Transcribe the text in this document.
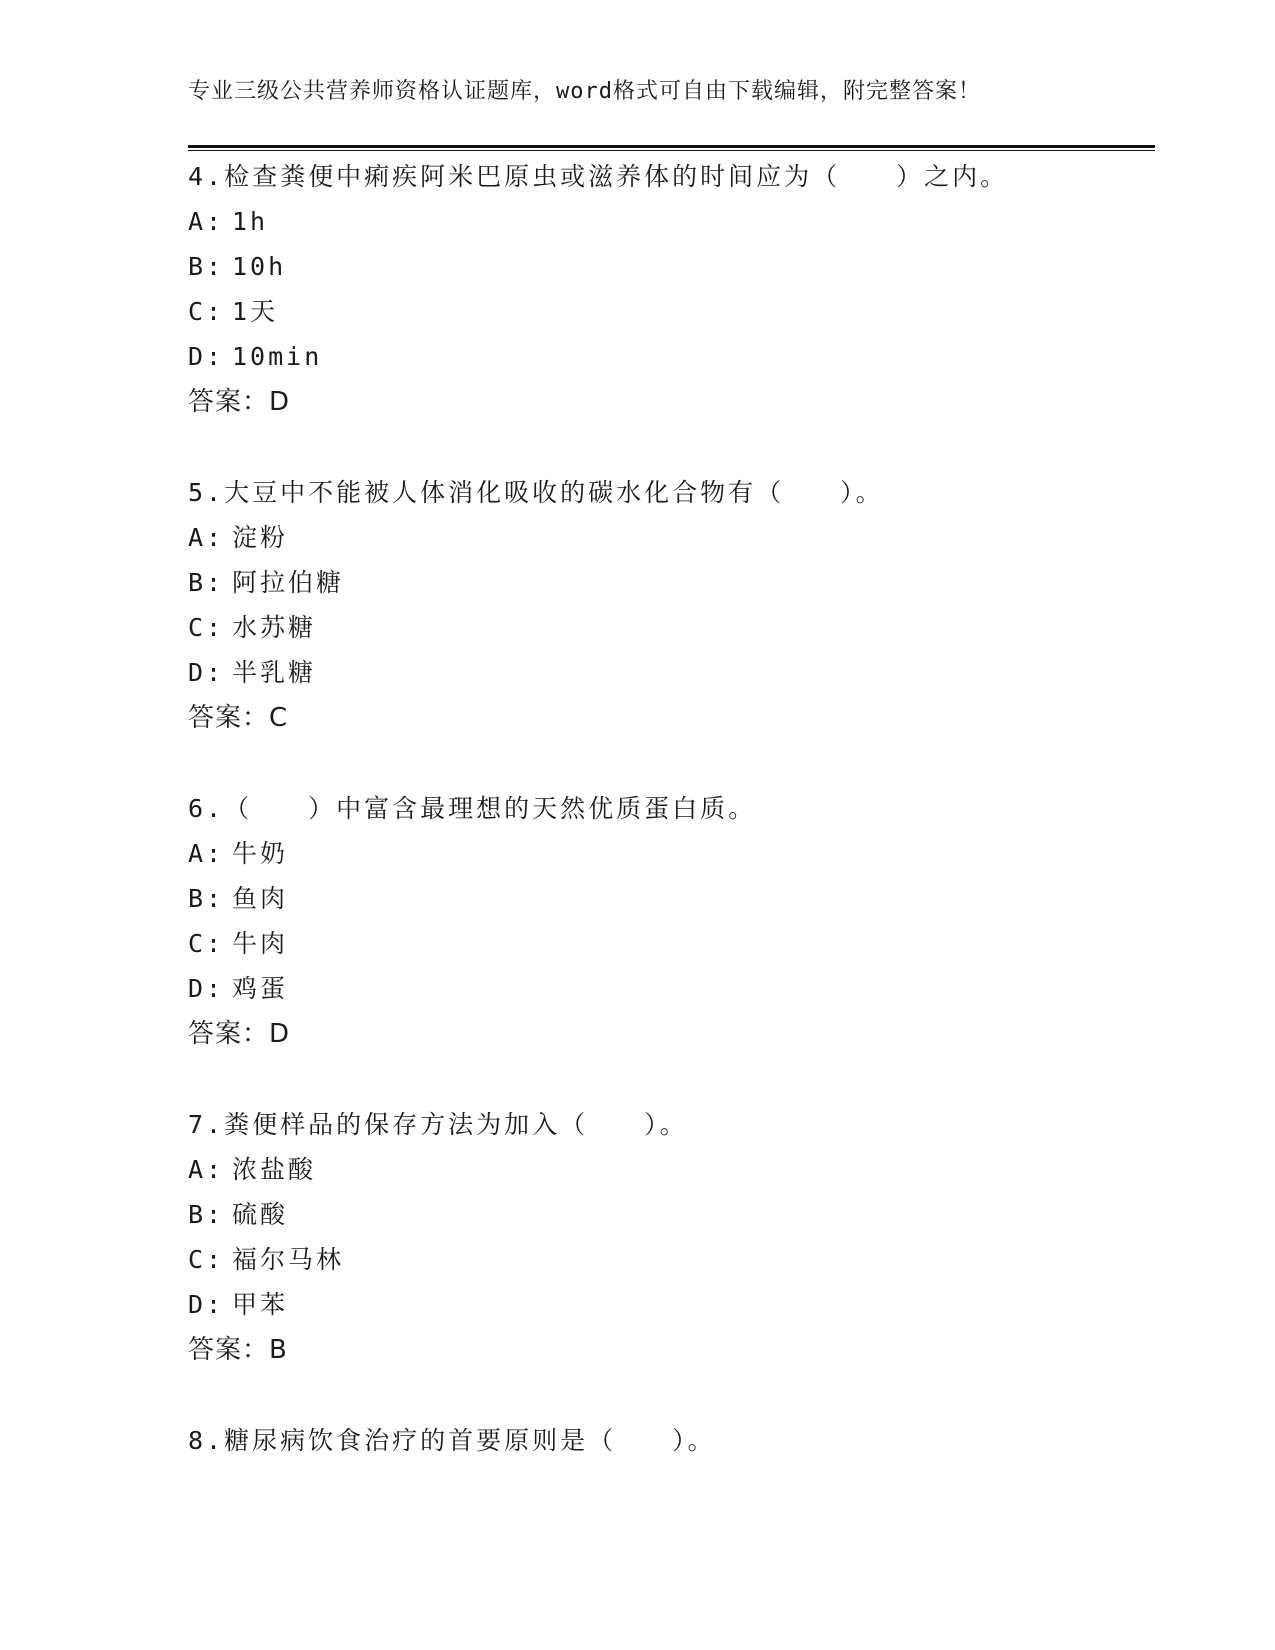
专业三级公共营养师资格认证题库，word格式可自由下载编辑，附完整答案！
4.检查粪便中痢疾阿米巴原虫或滋养体的时间应为（　　）之内。
A: 1h
B: 10h
C: 1天
D: 10min
答案：D
5.大豆中不能被人体消化吸收的碳水化合物有（　　）。
A: 淀粉
B: 阿拉伯糖
C: 水苏糖
D: 半乳糖
答案：C
6.（　　）中富含最理想的天然优质蛋白质。
A: 牛奶
B: 鱼肉
C: 牛肉
D: 鸡蛋
答案：D
7.粪便样品的保存方法为加入（　　）。
A: 浓盐酸
B: 硫酸
C: 福尔马林
D: 甲苯
答案：B
8.糖尿病饮食治疗的首要原则是（　　）。
